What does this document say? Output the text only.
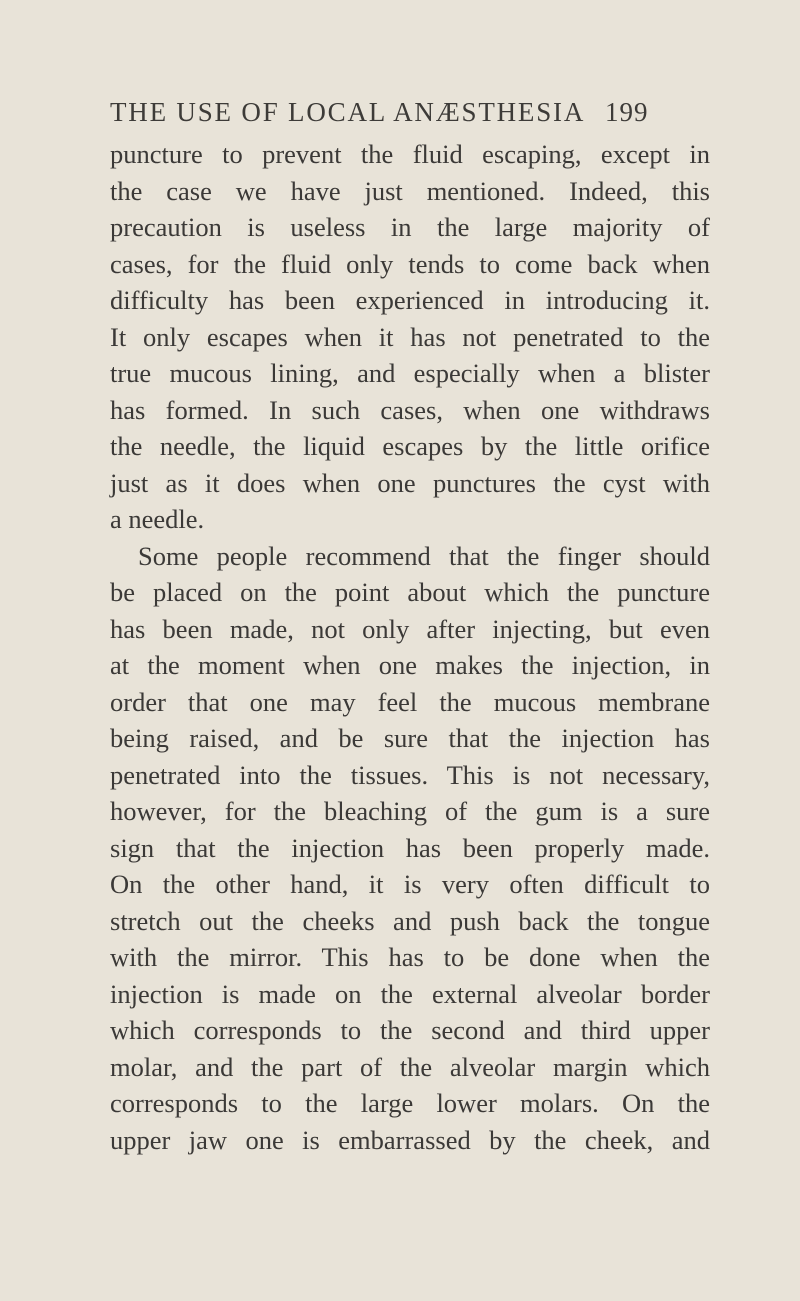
THE USE OF LOCAL ANÆSTHESIA 199
puncture to prevent the fluid escaping, except in
the case we have just mentioned. Indeed, this
precaution is useless in the large majority of
cases, for the fluid only tends to come back when
difficulty has been experienced in introducing it.
It only escapes when it has not penetrated to the
true mucous lining, and especially when a blister
has formed. In such cases, when one withdraws
the needle, the liquid escapes by the little orifice
just as it does when one punctures the cyst with
a needle.
Some people recommend that the finger should
be placed on the point about which the puncture
has been made, not only after injecting, but even
at the moment when one makes the injection, in
order that one may feel the mucous membrane
being raised, and be sure that the injection has
penetrated into the tissues. This is not necessary,
however, for the bleaching of the gum is a sure
sign that the injection has been properly made.
On the other hand, it is very often difficult to
stretch out the cheeks and push back the tongue
with the mirror. This has to be done when the
injection is made on the external alveolar border
which corresponds to the second and third upper
molar, and the part of the alveolar margin which
corresponds to the large lower molars. On the
upper jaw one is embarrassed by the cheek, and
